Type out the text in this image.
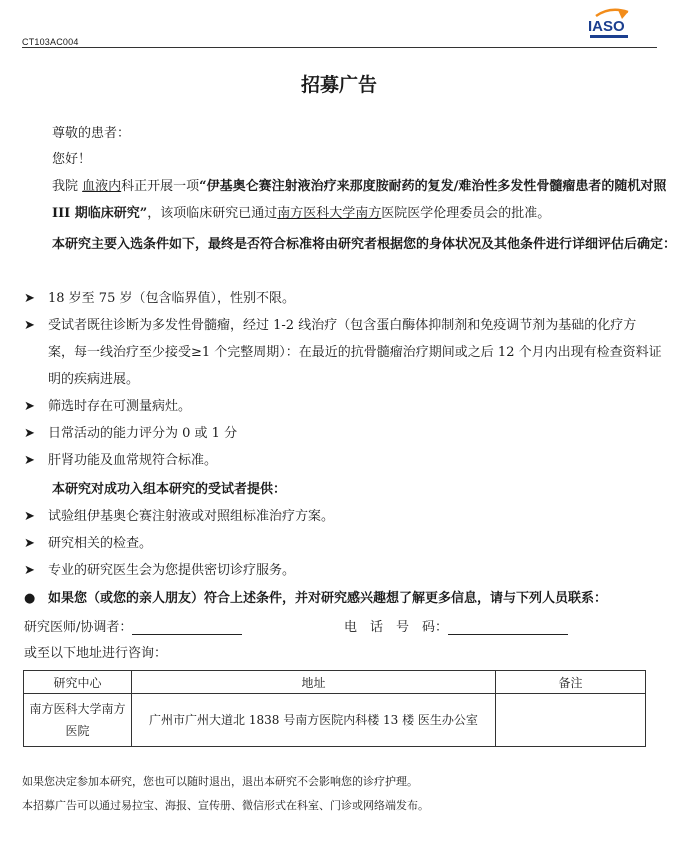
CT103AC004
IASO
招募广告
尊敬的患者：
您好！
我院 血液内科正开展一项“伊基奥仑赛注射液治疗来那度胺耐药的复发/难治性多发性骨髓瘤患者的随机对照 III 期临床研究”，该项临床研究已通过南方医科大学南方医院医学伦理委员会的批准。
本研究主要入选条件如下，最终是否符合标准将由研究者根据您的身体状况及其他条件进行详细评估后确定：
➤ 18 岁至 75 岁（包含临界值），性别不限。
➤ 受试者既往诊断为多发性骨髓瘤，经过 1-2 线治疗（包含蛋白酶体抑制剂和免疫调节剂为基础的化疗方案，每一线治疗至少接受≥1 个完整周期）：在最近的抗骨髓瘤治疗期间或之后 12 个月内出现有检查资料证明的疾病进展。
➤ 筛选时存在可测量病灶。
➤ 日常活动的能力评分为 0 或 1 分
➤ 肝肾功能及血常规符合标准。
本研究对成功入组本研究的受试者提供：
➤ 试验组伊基奥仑赛注射液或对照组标准治疗方案。
➤ 研究相关的检查。
➤ 专业的研究医生会为您提供密切诊疗服务。
● 如果您（或您的亲人朋友）符合上述条件，并对研究感兴趣想了解更多信息，请与下列人员联系：
研究医师/协调者：	电　话　号　码：
或至以下地址进行咨询：
研究中心	地址	备注
南方医科大学南方医院	广州市广州大道北 1838 号南方医院内科楼 13 楼 医生办公室	
如果您决定参加本研究，您也可以随时退出，退出本研究不会影响您的诊疗护理。
本招募广告可以通过易拉宝、海报、宣传册、微信形式在科室、门诊或网络端发布。
